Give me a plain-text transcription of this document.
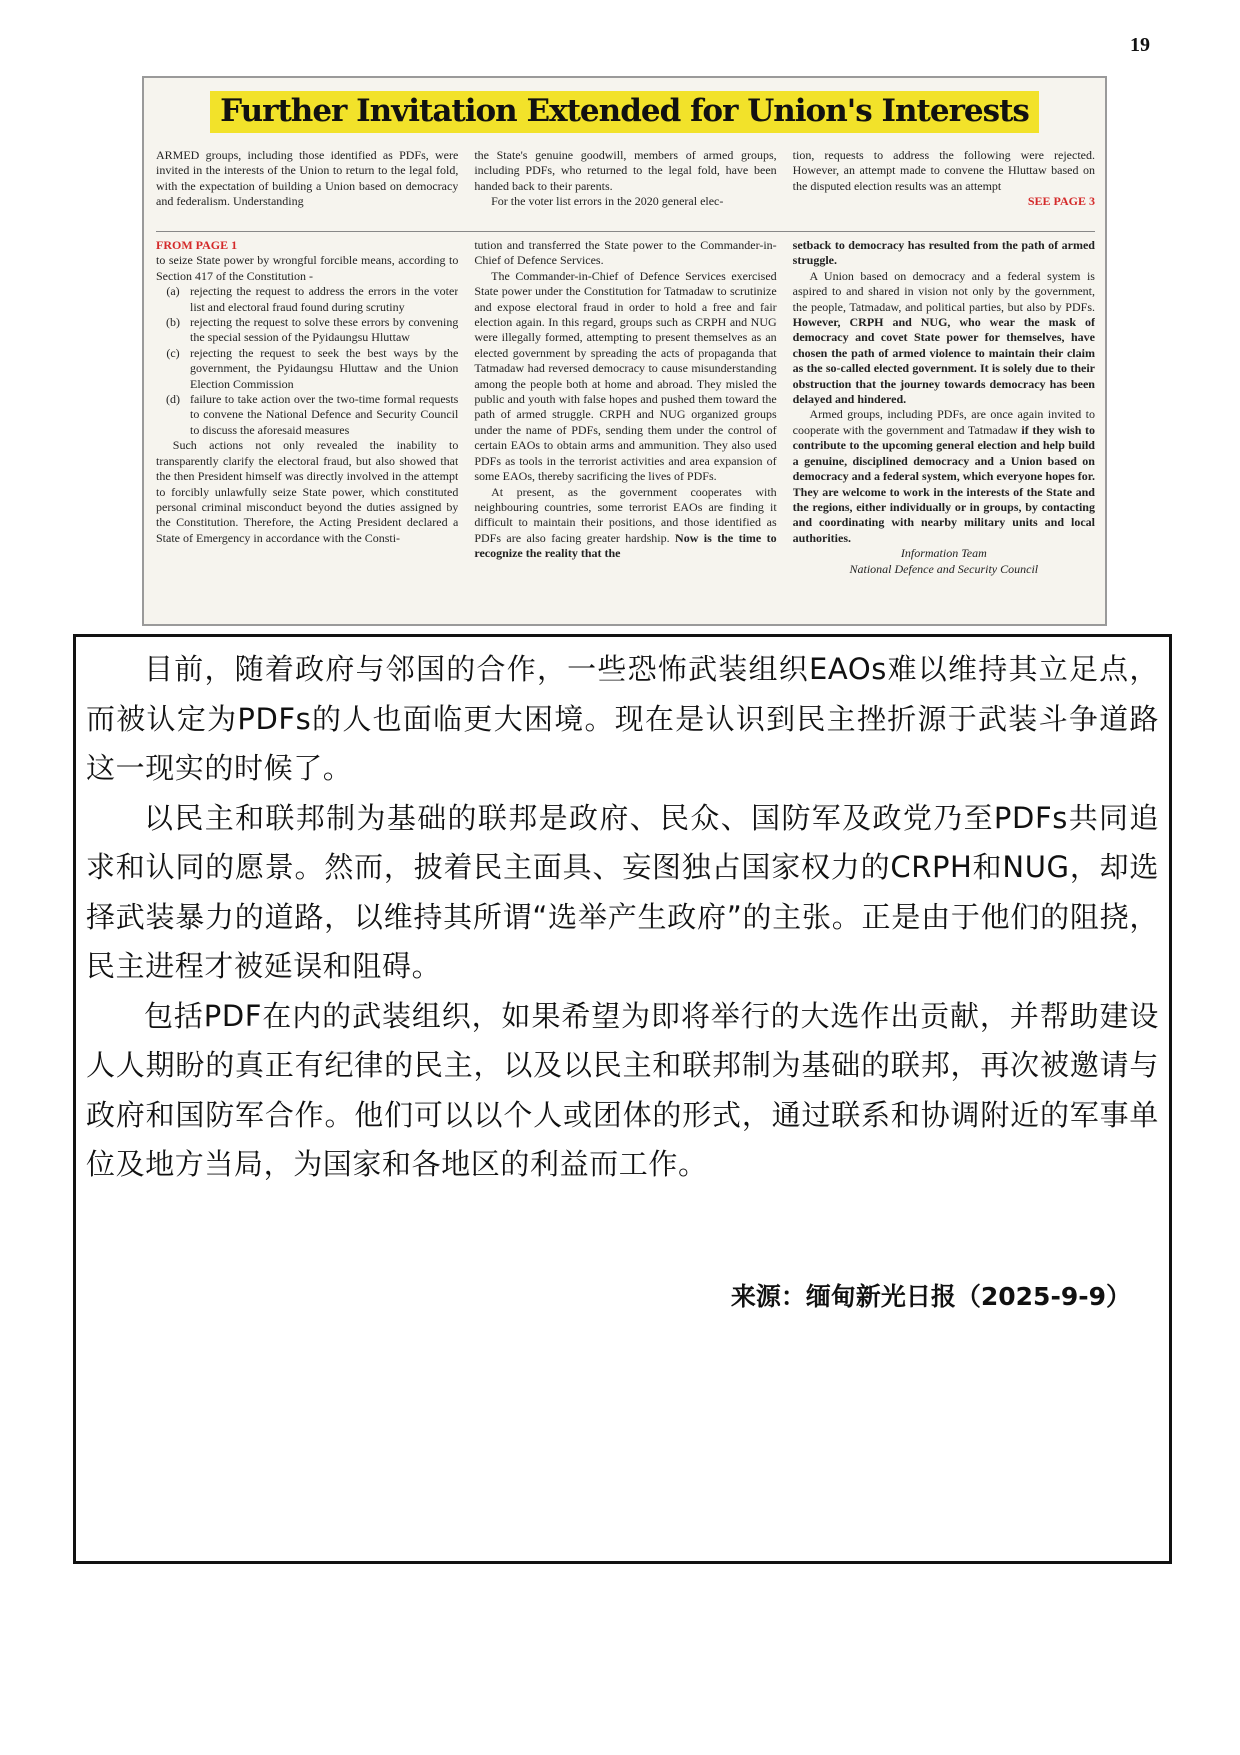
19
Further Invitation Extended for Union's Interests

ARMED groups, including those identified as PDFs, were invited in the interests of the Union to return to the legal fold, with the expectation of building a Union based on democracy and federalism. Understanding

the State's genuine goodwill, members of armed groups, including PDFs, who returned to the legal fold, have been handed back to their parents.

For the voter list errors in the 2020 general elec-

tion, requests to address the following were rejected. However, an attempt made to convene the Hluttaw based on the disputed election results was an attempt

SEE PAGE 3

FROM PAGE 1

to seize State power by wrongful forcible means, according to Section 417 of the Constitution -

(a) rejecting the request to address the errors in the voter list and electoral fraud found during scrutiny

(b) rejecting the request to solve these errors by convening the special session of the Pyidaungsu Hluttaw

(c) rejecting the request to seek the best ways by the government, the Pyidaungsu Hluttaw and the Union Election Commission

(d) failure to take action over the two-time formal requests to convene the National Defence and Security Council to discuss the aforesaid measures

Such actions not only revealed the inability to transparently clarify the electoral fraud, but also showed that the then President himself was directly involved in the attempt to forcibly unlawfully seize State power, which constituted personal criminal misconduct beyond the duties assigned by the Constitution. Therefore, the Acting President declared a State of Emergency in accordance with the Consti-

tution and transferred the State power to the Commander-in-Chief of Defence Services.

The Commander-in-Chief of Defence Services exercised State power under the Constitution for Tatmadaw to scrutinize and expose electoral fraud in order to hold a free and fair election again. In this regard, groups such as CRPH and NUG were illegally formed, attempting to present themselves as an elected government by spreading the acts of propaganda that Tatmadaw had reversed democracy to cause misunderstanding among the people both at home and abroad. They misled the public and youth with false hopes and pushed them toward the path of armed struggle. CRPH and NUG organized groups under the name of PDFs, sending them under the control of certain EAOs to obtain arms and ammunition. They also used PDFs as tools in the terrorist activities and area expansion of some EAOs, thereby sacrificing the lives of PDFs.

At present, as the government cooperates with neighbouring countries, some terrorist EAOs are finding it difficult to maintain their positions, and those identified as PDFs are also facing greater hardship. Now is the time to recognize the reality that the

setback to democracy has resulted from the path of armed struggle.

A Union based on democracy and a federal system is aspired to and shared in vision not only by the government, the people, Tatmadaw, and political parties, but also by PDFs. However, CRPH and NUG, who wear the mask of democracy and covet State power for themselves, have chosen the path of armed violence to maintain their claim as the so-called elected government. It is solely due to their obstruction that the journey towards democracy has been delayed and hindered.

Armed groups, including PDFs, are once again invited to cooperate with the government and Tatmadaw if they wish to contribute to the upcoming general election and help build a genuine, disciplined democracy and a Union based on democracy and a federal system, which everyone hopes for. They are welcome to work in the interests of the State and the regions, either individually or in groups, by contacting and coordinating with nearby military units and local authorities.

Information Team

National Defence and Security Council

目前，随着政府与邻国的合作，一些恐怖武装组织EAOs难以维持其立足点，而被认定为PDFs的人也面临更大困境。现在是认识到民主挫折源于武装斗争道路这一现实的时候了。

以民主和联邦制为基础的联邦是政府、民众、国防军及政党乃至PDFs共同追求和认同的愿景。然而，披着民主面具、妄图独占国家权力的CRPH和NUG，却选择武装暴力的道路，以维持其所谓“选举产生政府”的主张。正是由于他们的阻挠，民主进程才被延误和阻碍。

包括PDF在内的武装组织，如果希望为即将举行的大选作出贡献，并帮助建设人人期盼的真正有纪律的民主，以及以民主和联邦制为基础的联邦，再次被邀请与政府和国防军合作。他们可以以个人或团体的形式，通过联系和协调附近的军事单位及地方当局，为国家和各地区的利益而工作。

来源：缅甸新光日报（2025-9-9）
